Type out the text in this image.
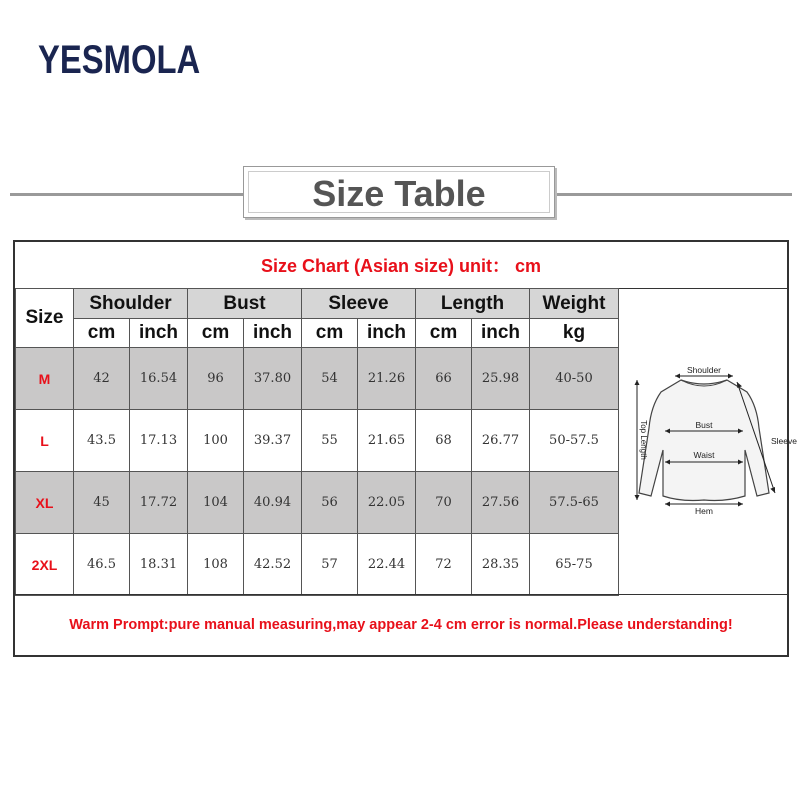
YESMOLA
Size Table
Size Chart (Asian size) unit： cm
Size	Shoulder		Bust		Sleeve		Length		Weight
	cm	inch	cm	inch	cm	inch	cm	inch	kg
M	42	16.54	96	37.80	54	21.26	66	25.98	40-50
L	43.5	17.13	100	39.37	55	21.65	68	26.77	50-57.5
XL	45	17.72	104	40.94	56	22.05	70	27.56	57.5-65
2XL	46.5	18.31	108	42.52	57	22.44	72	28.35	65-75
Shoulder
Bust
Waist
Hem
Sleeve
Top Length
Warm Prompt:pure manual measuring,may appear 2-4 cm error is normal.Please understanding!
